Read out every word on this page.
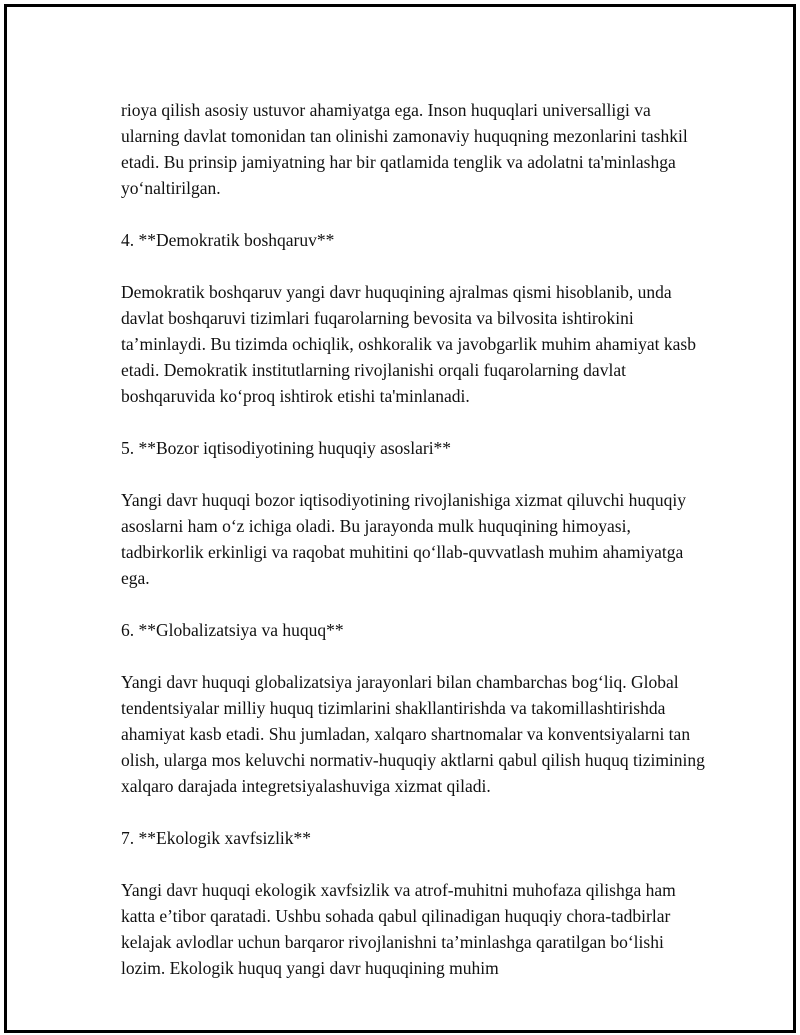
rioya qilish asosiy ustuvor ahamiyatga ega. Inson huquqlari universalligi va ularning davlat tomonidan tan olinishi zamonaviy huquqning mezonlarini tashkil etadi. Bu prinsip jamiyatning har bir qatlamida tenglik va adolatni ta'minlashga yo‘naltirilgan.

4. **Demokratik boshqaruv**

Demokratik boshqaruv yangi davr huquqining ajralmas qismi hisoblanib, unda davlat boshqaruvi tizimlari fuqarolarning bevosita va bilvosita ishtirokini ta’minlaydi. Bu tizimda ochiqlik, oshkoralik va javobgarlik muhim ahamiyat kasb etadi. Demokratik institutlarning rivojlanishi orqali fuqarolarning davlat boshqaruvida ko‘proq ishtirok etishi ta'minlanadi.

5. **Bozor iqtisodiyotining huquqiy asoslari**

Yangi davr huquqi bozor iqtisodiyotining rivojlanishiga xizmat qiluvchi huquqiy asoslarni ham o‘z ichiga oladi. Bu jarayonda mulk huquqining himoyasi, tadbirkorlik erkinligi va raqobat muhitini qo‘llab-quvvatlash muhim ahamiyatga ega.

6. **Globalizatsiya va huquq**

Yangi davr huquqi globalizatsiya jarayonlari bilan chambarchas bog‘liq. Global tendentsiyalar milliy huquq tizimlarini shakllantirishda va takomillashtirishda ahamiyat kasb etadi. Shu jumladan, xalqaro shartnomalar va konventsiyalarni tan olish, ularga mos keluvchi normativ-huquqiy aktlarni qabul qilish huquq tizimining xalqaro darajada integretsiyalashuviga xizmat qiladi.

7. **Ekologik xavfsizlik**

Yangi davr huquqi ekologik xavfsizlik va atrof-muhitni muhofaza qilishga ham katta e’tibor qaratadi. Ushbu sohada qabul qilinadigan huquqiy chora-tadbirlar kelajak avlodlar uchun barqaror rivojlanishni ta’minlashga qaratilgan bo‘lishi lozim. Ekologik huquq yangi davr huquqining muhim
